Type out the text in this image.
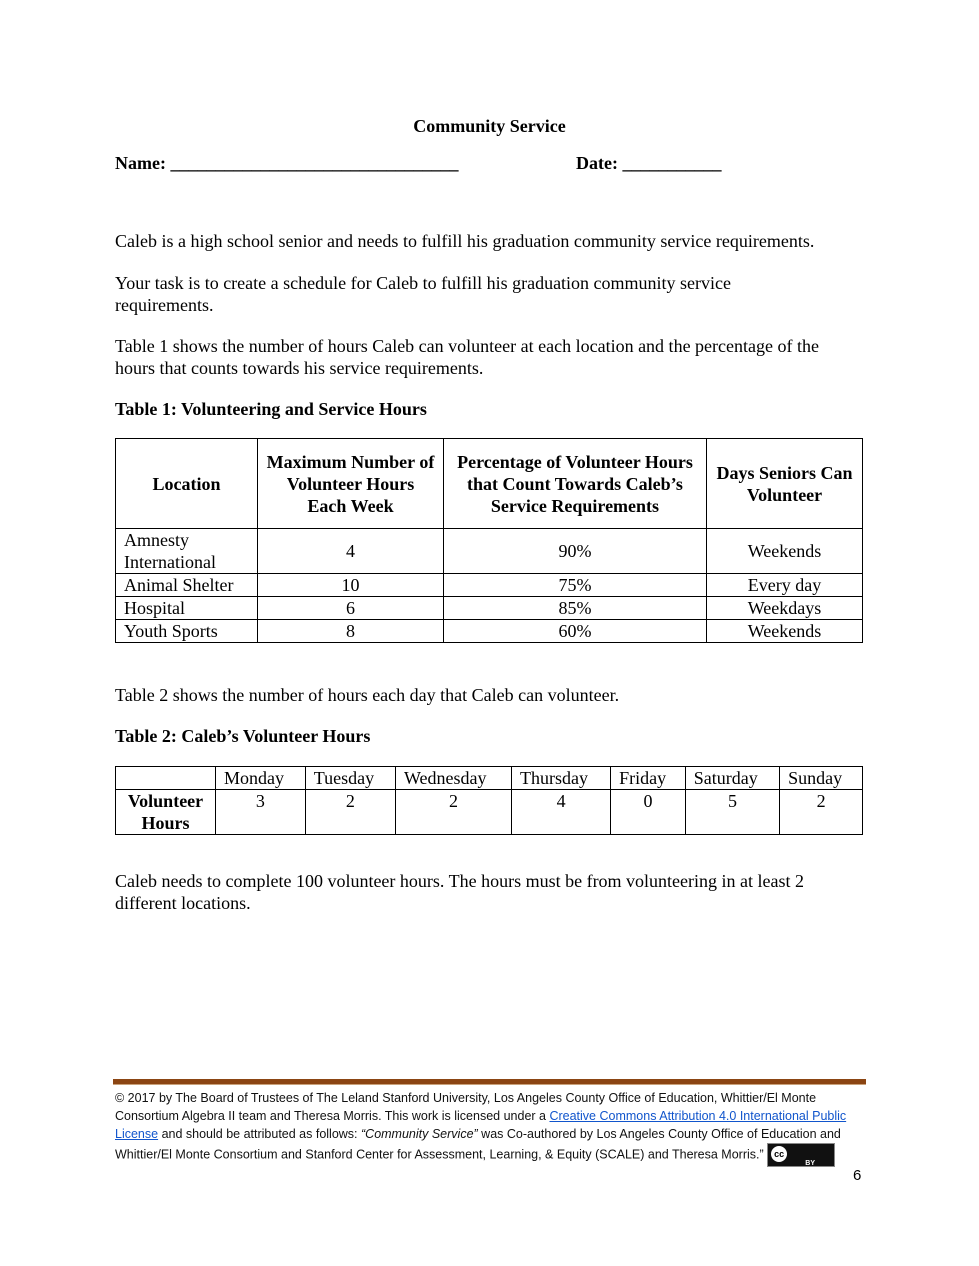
Community Service
Name: ________________________________	Date: ___________
Caleb is a high school senior and needs to fulfill his graduation community service requirements.
Your task is to create a schedule for Caleb to fulfill his graduation community service requirements.
Table 1 shows the number of hours Caleb can volunteer at each location and the percentage of the hours that counts towards his service requirements.
Table 1: Volunteering and Service Hours
Location	Maximum Number of Volunteer Hours Each Week	Percentage of Volunteer Hours that Count Towards Caleb’s Service Requirements	Days Seniors Can Volunteer
Amnesty International	4	90%	Weekends
Animal Shelter	10	75%	Every day
Hospital	6	85%	Weekdays
Youth Sports	8	60%	Weekends
Table 2 shows the number of hours each day that Caleb can volunteer.
Table 2: Caleb’s Volunteer Hours
	Monday	Tuesday	Wednesday	Thursday	Friday	Saturday	Sunday
Volunteer Hours	3	2	2	4	0	5	2
Caleb needs to complete 100 volunteer hours. The hours must be from volunteering in at least 2 different locations.
© 2017 by The Board of Trustees of The Leland Stanford University, Los Angeles County Office of Education, Whittier/El Monte Consortium Algebra II team and Theresa Morris. This work is licensed under a Creative Commons Attribution 4.0 International Public License and should be attributed as follows: “Community Service” was Co-authored by Los Angeles County Office of Education and Whittier/El Monte Consortium and Stanford Center for Assessment, Learning, & Equity (SCALE) and Theresa Morris.”	cc
BY
6
